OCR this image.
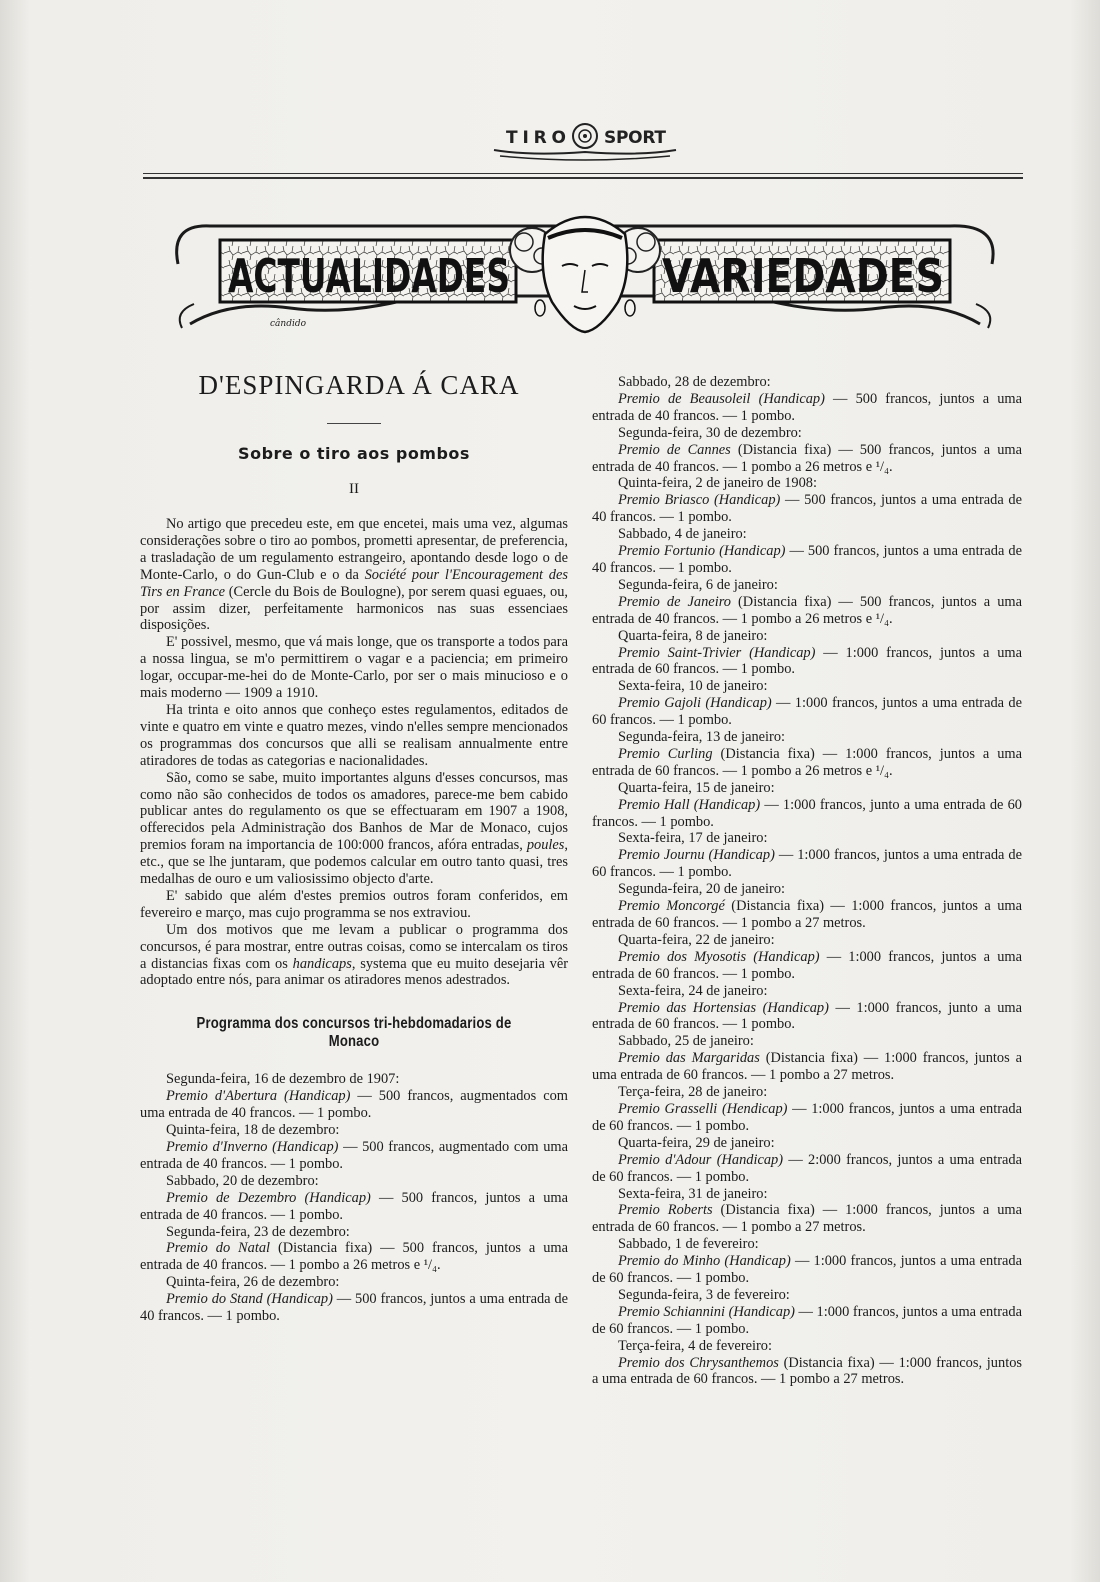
TIRO SPORT
ACTUALIDADES	VARIEDADES
cândido
D'ESPINGARDA Á CARA
Sobre o tiro aos pombos
II

No artigo que precedeu este, em que encetei, mais uma vez, algumas considerações sobre o tiro ao pombos, prometti apresentar, de preferencia, a trasladação de um regulamento estrangeiro, apontando desde logo o de Monte-Carlo, o do Gun-Club e o da Société pour l'Encouragement des Tirs en France (Cercle du Bois de Boulogne), por serem quasi eguaes, ou, por assim dizer, perfeitamente harmonicos nas suas essenciaes disposições.

E' possivel, mesmo, que vá mais longe, que os transporte a todos para a nossa lingua, se m'o permittirem o vagar e a paciencia; em primeiro logar, occupar-me-hei do de Monte-Carlo, por ser o mais minucioso e o mais moderno — 1909 a 1910.

Ha trinta e oito annos que conheço estes regulamentos, editados de vinte e quatro em vinte e quatro mezes, vindo n'elles sempre mencionados os programmas dos concursos que alli se realisam annualmente entre atiradores de todas as categorias e nacionalidades.

São, como se sabe, muito importantes alguns d'esses concursos, mas como não são conhecidos de todos os amadores, parece-me bem cabido publicar antes do regulamento os que se effectuaram em 1907 a 1908, offerecidos pela Administração dos Banhos de Mar de Monaco, cujos premios foram na importancia de 100:000 francos, afóra entradas, poules, etc., que se lhe juntaram, que podemos calcular em outro tanto quasi, tres medalhas de ouro e um valiosissimo objecto d'arte.

E' sabido que além d'estes premios outros foram conferidos, em fevereiro e março, mas cujo programma se nos extraviou.

Um dos motivos que me levam a publicar o programma dos concursos, é para mostrar, entre outras coisas, como se intercalam os tiros a distancias fixas com os handicaps, systema que eu muito desejaria vêr adoptado entre nós, para animar os atiradores menos adestrados.

Programma dos concursos tri-hebdomadarios de Monaco
Segunda-feira, 16 de dezembro de 1907:
Premio d'Abertura (Handicap) — 500 francos, augmentados com uma entrada de 40 francos. — 1 pombo.
Quinta-feira, 18 de dezembro:
Premio d'Inverno (Handicap) — 500 francos, augmentado com uma entrada de 40 francos. — 1 pombo.
Sabbado, 20 de dezembro:
Premio de Dezembro (Handicap) — 500 francos, juntos a uma entrada de 40 francos. — 1 pombo.
Segunda-feira, 23 de dezembro:
Premio do Natal (Distancia fixa) — 500 francos, juntos a uma entrada de 40 francos. — 1 pombo a 26 metros e ¹/₄.
Quinta-feira, 26 de dezembro:
Premio do Stand (Handicap) — 500 francos, juntos a uma entrada de 40 francos. — 1 pombo.
Sabbado, 28 de dezembro:
Premio de Beausoleil (Handicap) — 500 francos, juntos a uma entrada de 40 francos. — 1 pombo.
Segunda-feira, 30 de dezembro:
Premio de Cannes (Distancia fixa) — 500 francos, juntos a uma entrada de 40 francos. — 1 pombo a 26 metros e ¹/₄.
Quinta-feira, 2 de janeiro de 1908:
Premio Briasco (Handicap) — 500 francos, juntos a uma entrada de 40 francos. — 1 pombo.
Sabbado, 4 de janeiro:
Premio Fortunio (Handicap) — 500 francos, juntos a uma entrada de 40 francos. — 1 pombo.
Segunda-feira, 6 de janeiro:
Premio de Janeiro (Distancia fixa) — 500 francos, juntos a uma entrada de 40 francos. — 1 pombo a 26 metros e ¹/₄.
Quarta-feira, 8 de janeiro:
Premio Saint-Trivier (Handicap) — 1:000 francos, juntos a uma entrada de 60 francos. — 1 pombo.
Sexta-feira, 10 de janeiro:
Premio Gajoli (Handicap) — 1:000 francos, juntos a uma entrada de 60 francos. — 1 pombo.
Segunda-feira, 13 de janeiro:
Premio Curling (Distancia fixa) — 1:000 francos, juntos a uma entrada de 60 francos. — 1 pombo a 26 metros e ¹/₄.
Quarta-feira, 15 de janeiro:
Premio Hall (Handicap) — 1:000 francos, junto a uma entrada de 60 francos. — 1 pombo.
Sexta-feira, 17 de janeiro:
Premio Journu (Handicap) — 1:000 francos, juntos a uma entrada de 60 francos. — 1 pombo.
Segunda-feira, 20 de janeiro:
Premio Moncorgé (Distancia fixa) — 1:000 francos, juntos a uma entrada de 60 francos. — 1 pombo a 27 metros.
Quarta-feira, 22 de janeiro:
Premio dos Myosotis (Handicap) — 1:000 francos, juntos a uma entrada de 60 francos. — 1 pombo.
Sexta-feira, 24 de janeiro:
Premio das Hortensias (Handicap) — 1:000 francos, junto a uma entrada de 60 francos. — 1 pombo.
Sabbado, 25 de janeiro:
Premio das Margaridas (Distancia fixa) — 1:000 francos, juntos a uma entrada de 60 francos. — 1 pombo a 27 metros.
Terça-feira, 28 de janeiro:
Premio Grasselli (Hendicap) — 1:000 francos, juntos a uma entrada de 60 francos. — 1 pombo.
Quarta-feira, 29 de janeiro:
Premio d'Adour (Handicap) — 2:000 francos, juntos a uma entrada de 60 francos. — 1 pombo.
Sexta-feira, 31 de janeiro:
Premio Roberts (Distancia fixa) — 1:000 francos, juntos a uma entrada de 60 francos. — 1 pombo a 27 metros.
Sabbado, 1 de fevereiro:
Premio do Minho (Handicap) — 1:000 francos, juntos a uma entrada de 60 francos. — 1 pombo.
Segunda-feira, 3 de fevereiro:
Premio Schiannini (Handicap) — 1:000 francos, juntos a uma entrada de 60 francos. — 1 pombo.
Terça-feira, 4 de fevereiro:
Premio dos Chrysanthemos (Distancia fixa) — 1:000 francos, juntos a uma entrada de 60 francos. — 1 pombo a 27 metros.
